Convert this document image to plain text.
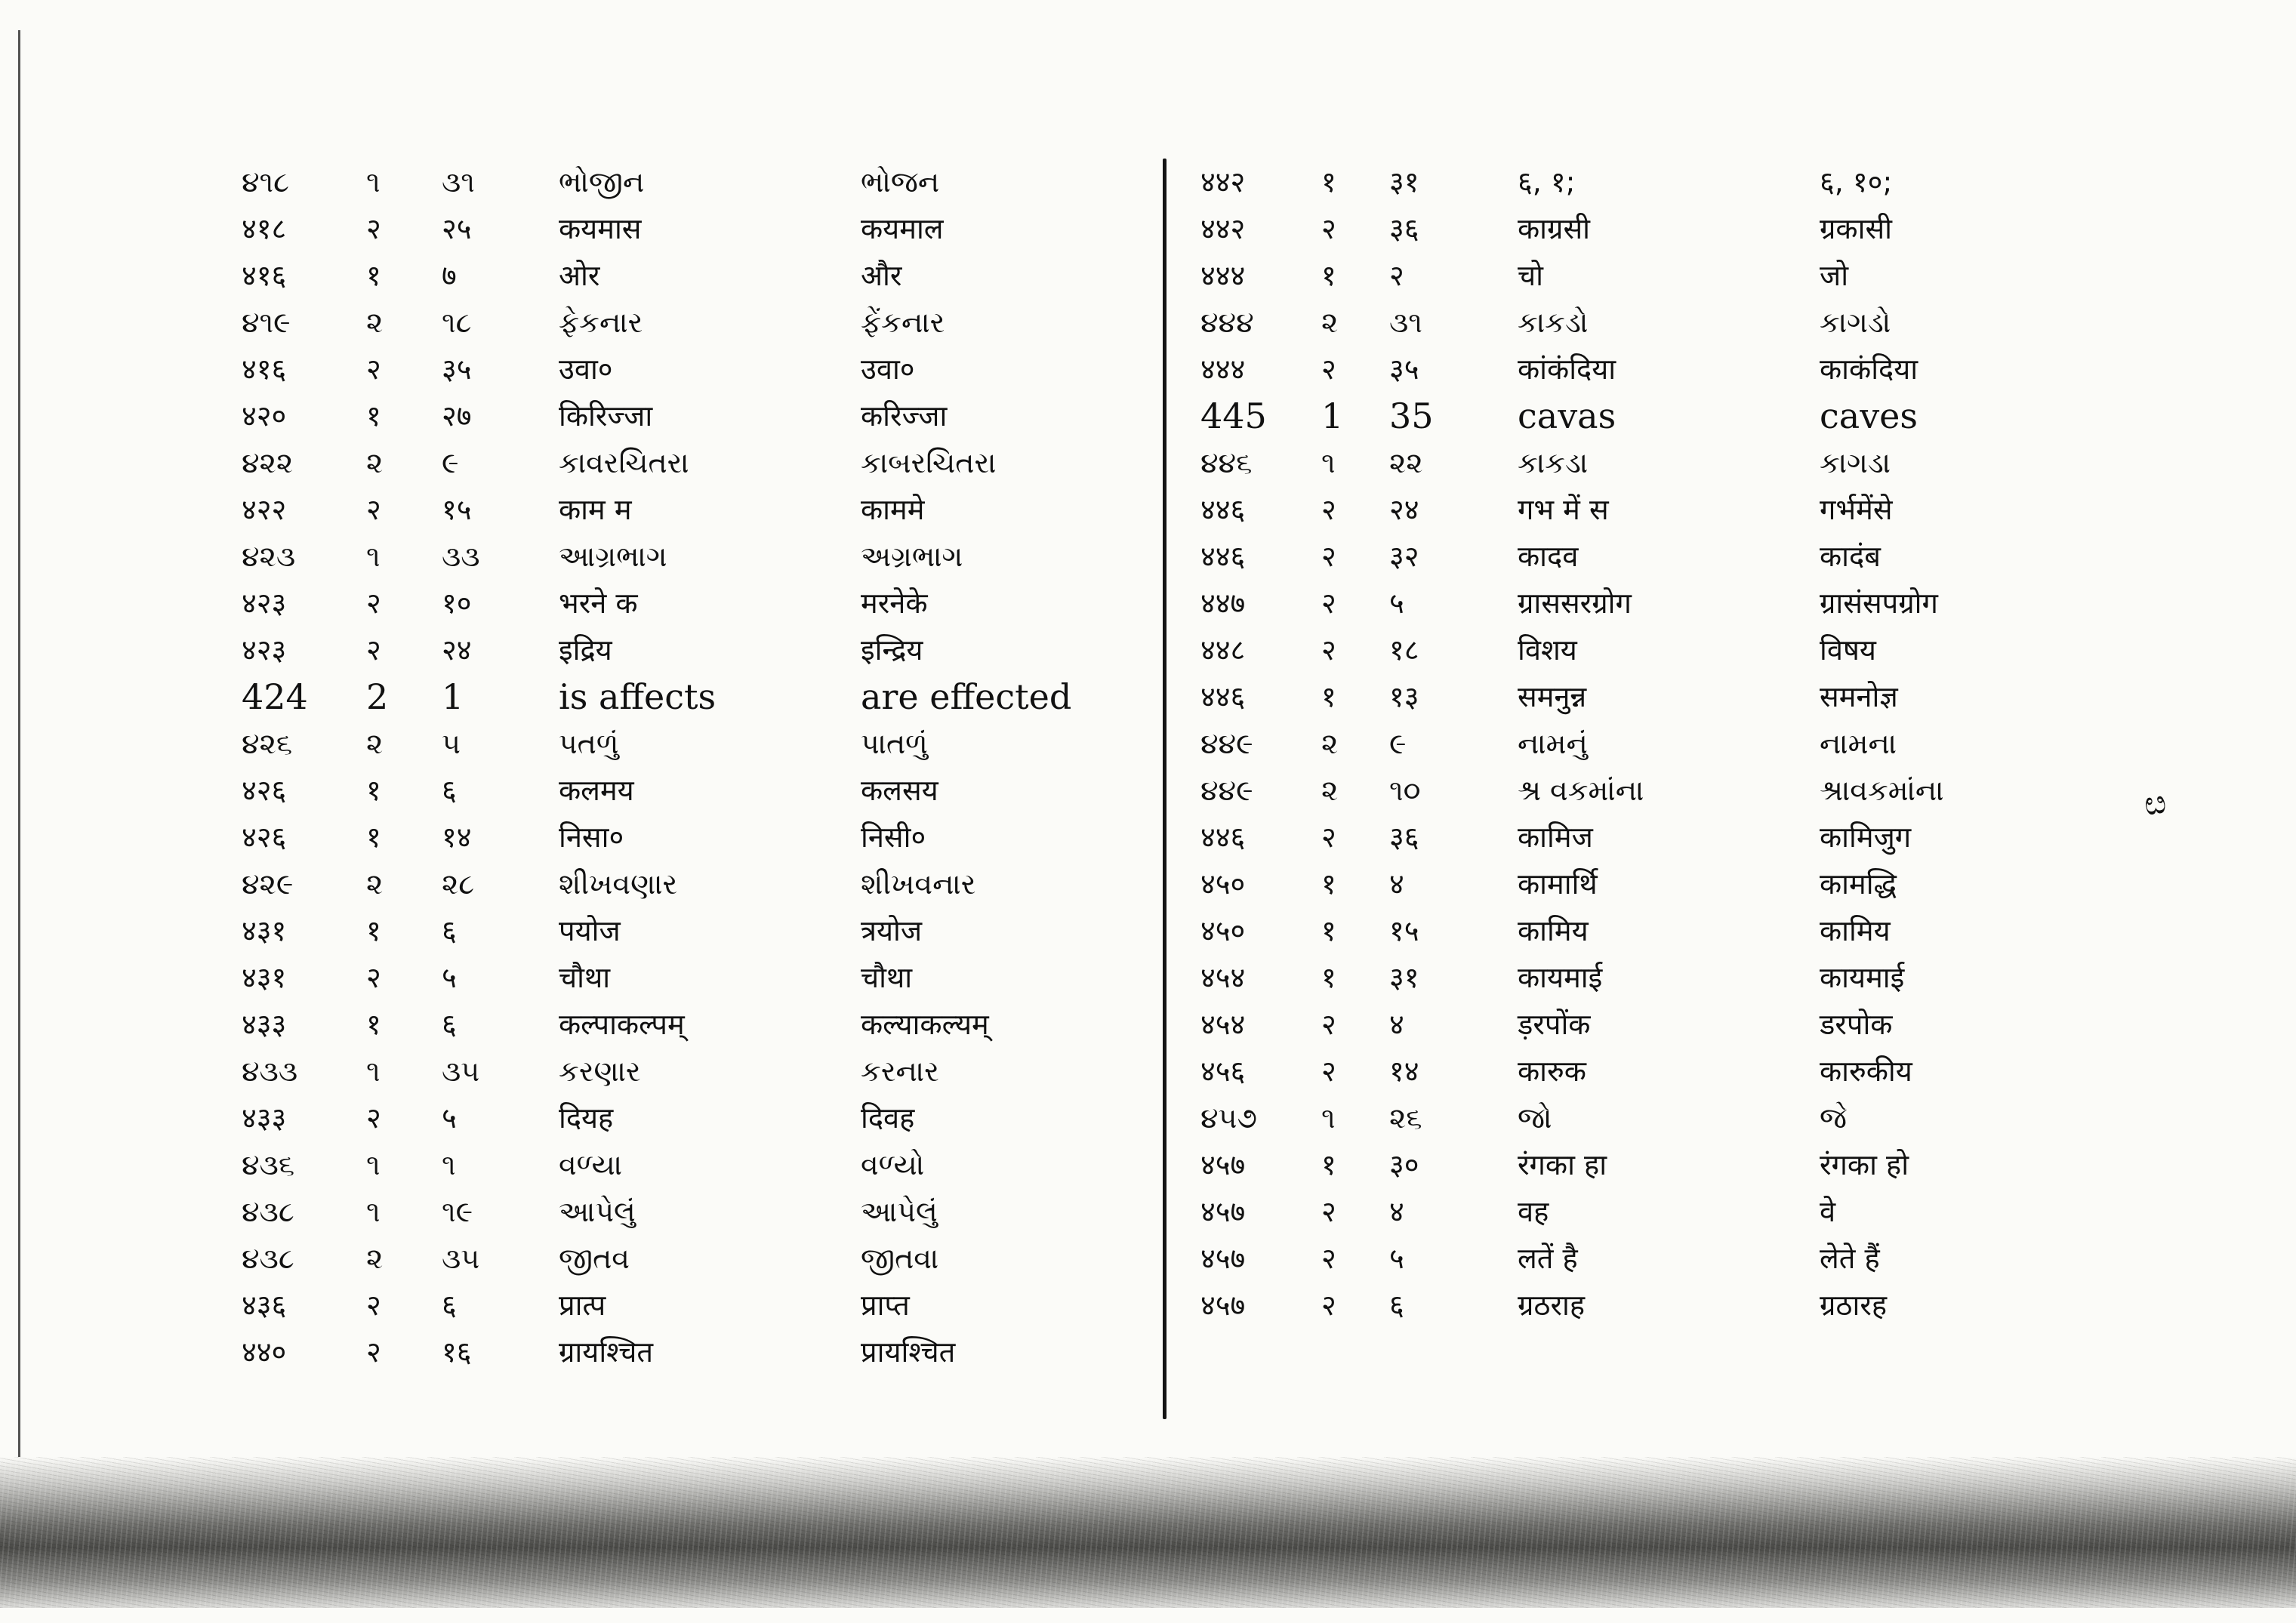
૪૧૮	૧ ૩૧	ભોજીન	ભોજન
४१८	२ २५	कयमास	कयमाल
४१६	१ ७	ओर	और
૪૧૯	૨ ૧૮	ફેકનાર	ફેંકનાર
४१६	२ ३५	उवा०	उवा०
४२०	१ २७	किरिज्जा	करिज्जा
૪૨૨	૨ ૯	કાવરચિતરા	કાબરચિતરા
४२२	२ १५	काम म	काममे
૪૨૩ ૧ ૩૩	આગ્રભાગ	અગ્રભાગ
४२३	२ १०	भरने क	मरनेके
४२३	२ २४	इद्रिय	इन्द्रिय
424 2 1	is affects	are effected
૪૨૬	૨ ૫	પતળું	પાતળું
४२६	१ ६	कलमय	कलसय
४२६	१ १४	निसा०	निसी०
૪૨૯	૨ ૨૮	શીખવણાર	શીખવનાર
४३१	१ ६	पयोज	त्रयोज
४३१	२ ५	चौथा	चौथा
४३३	१ ६	कल्पाकल्पम्	कल्याकल्यम्
૪૩૩ ૧ ૩૫	કરણાર	કરનાર
४३३	२ ५	दियह	दिवह
૪૩૬ ૧ ૧	વળ્યા	વળ્યો
૪૩૮	૧ ૧૯	આપેલું	આપેલું
૪૩૮	૨ ૩૫	જીતવ	જીતવા
४३६	२ ६	प्रात्प	प्राप्त
४४०	२ १६	ग्रायश्चित	प्रायश्चित
४४२	१ ३१	६, १;	६, १०;
४४२	२ ३६	काग्रसी	ग्रकासी
४४४	१ २	चो	जो
૪૪૪ ૨ ૩૧	કાકડો	કાગડો
४४४	२ ३५	कांकंदिया	काकंदिया
445 1 35 cavas	caves
૪૪૬ ૧ ૨૨	કાકડા	કાગડા
४४६	२ २४	गभ में स	गर्भमेंसे
४४६	२ ३२	कादव	कादंब
४४७	२ ५	ग्राससरग्रोग	ग्रासंसपग्रोग
४४८	२ १८	विशय	विषय
४४६	१ १३	समनुन्न	समनोज्ञ
૪૪૯ ૨ ૯	નામનું	નામના
૪૪૯ ૨ ૧૦	શ્ર વકમાંના	શ્રાવકમાંના
४४६	२ ३६	कामिज	कामिजुग
४५०	१ ४	कामार्थि	कामद्धि
४५०	१ १५	कामिय	कामिय
४५४	१ ३१	कायमाई	कायमाई
४५४	२ ४	ड़रपोंक	डरपोक
४५६	२ १४	कारुक	कारुकीय
૪૫૭ ૧ ૨૬	જો	જે
४५७	१ ३०	रंगका हा	रंगका हो
४५७	२ ४	वह	वे
४५७	२ ५	लतें है	लेते हैं
४५७	२ ६	ग्रठराह	ग्रठारह
ೞ
